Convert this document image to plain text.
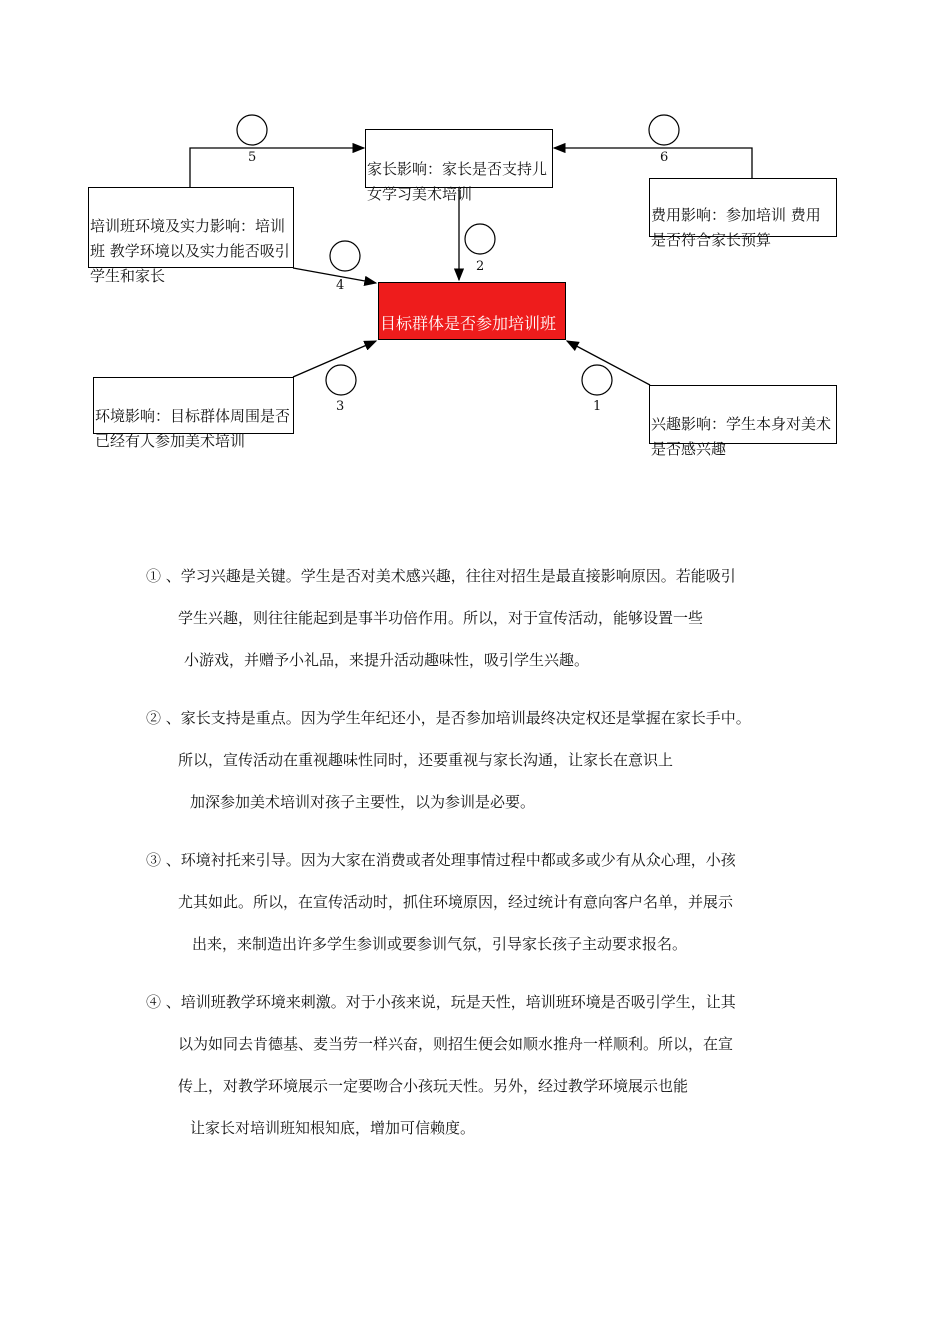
家长影响：家长是否支持儿女学习美术培训
培训班环境及实力影响：培训班 教学环境以及实力能否吸引学生和家长
费用影响：参加培训 费用是否符合家长预算
目标群体是否参加培训班影响原因
环境影响：目标群体周围是否已经有人参加美术培训
兴趣影响：学生本身对美术是否感兴趣
5	6
2
4
3	1
① 、学习兴趣是关键。学生是否对美术感兴趣，往往对招生是最直接影响原因。若能吸引
学生兴趣，则往往能起到是事半功倍作用。所以，对于宣传活动，能够设置一些
小游戏，并赠予小礼品，来提升活动趣味性，吸引学生兴趣。
② 、家长支持是重点。因为学生年纪还小，是否参加培训最终决定权还是掌握在家长手中。
所以，宣传活动在重视趣味性同时，还要重视与家长沟通，让家长在意识上
加深参加美术培训对孩子主要性，以为参训是必要。
③ 、环境衬托来引导。因为大家在消费或者处理事情过程中都或多或少有从众心理，小孩
尤其如此。所以，在宣传活动时，抓住环境原因，经过统计有意向客户名单，并展示
出来，来制造出许多学生参训或要参训气氛，引导家长孩子主动要求报名。
④ 、培训班教学环境来刺激。对于小孩来说，玩是天性，培训班环境是否吸引学生，让其
以为如同去肯德基、麦当劳一样兴奋，则招生便会如顺水推舟一样顺利。所以，在宣
传上，对教学环境展示一定要吻合小孩玩天性。另外，经过教学环境展示也能
让家长对培训班知根知底，增加可信赖度。
